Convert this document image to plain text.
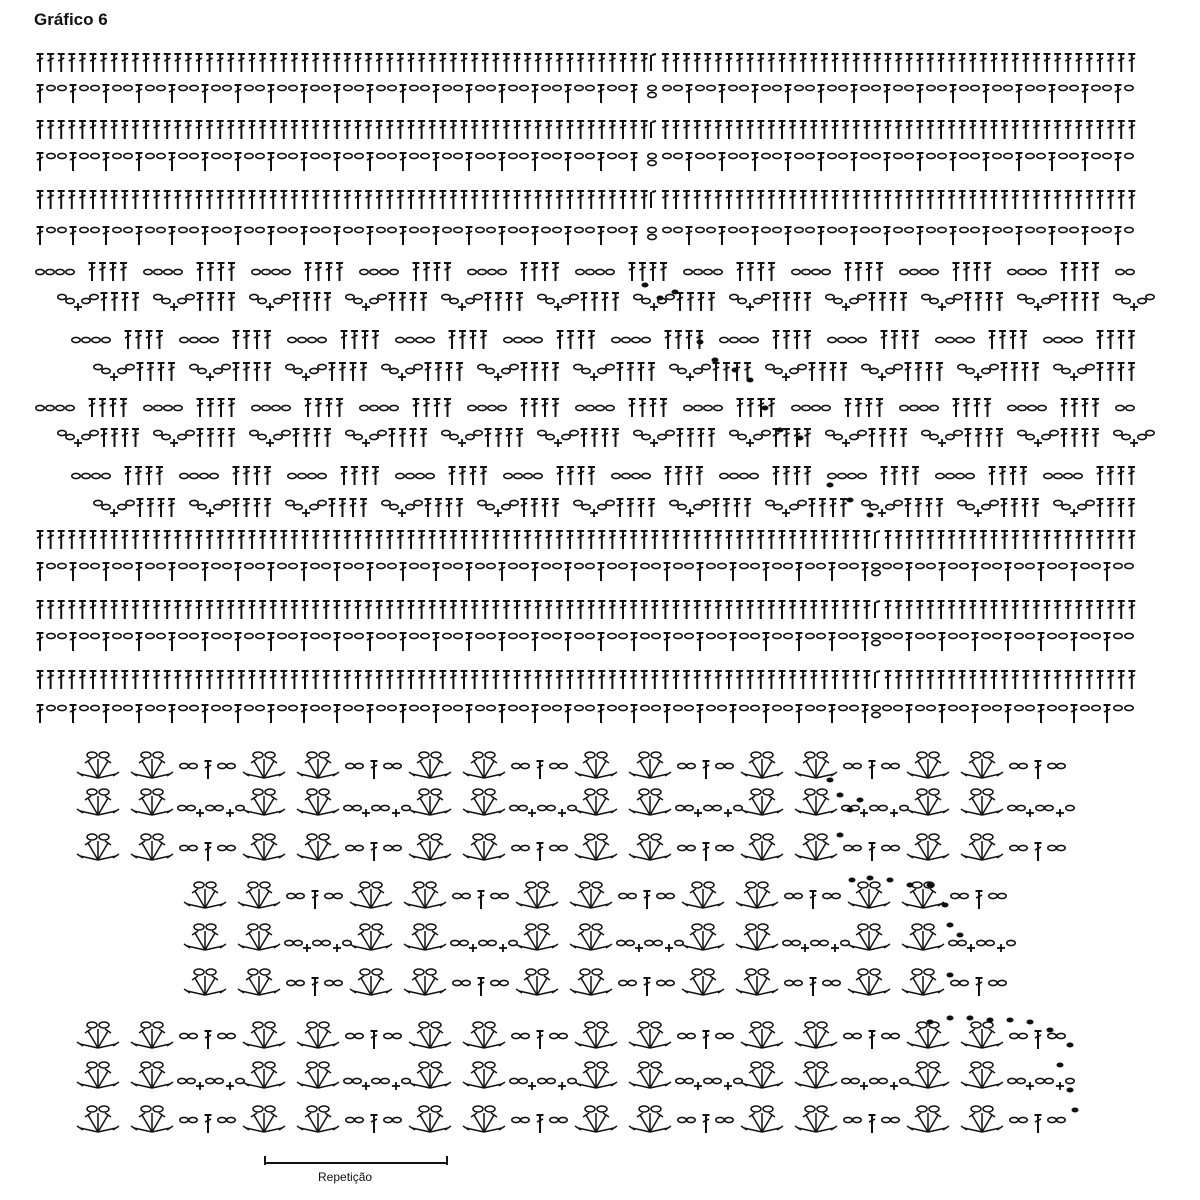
Gráfico 6
Repetição
